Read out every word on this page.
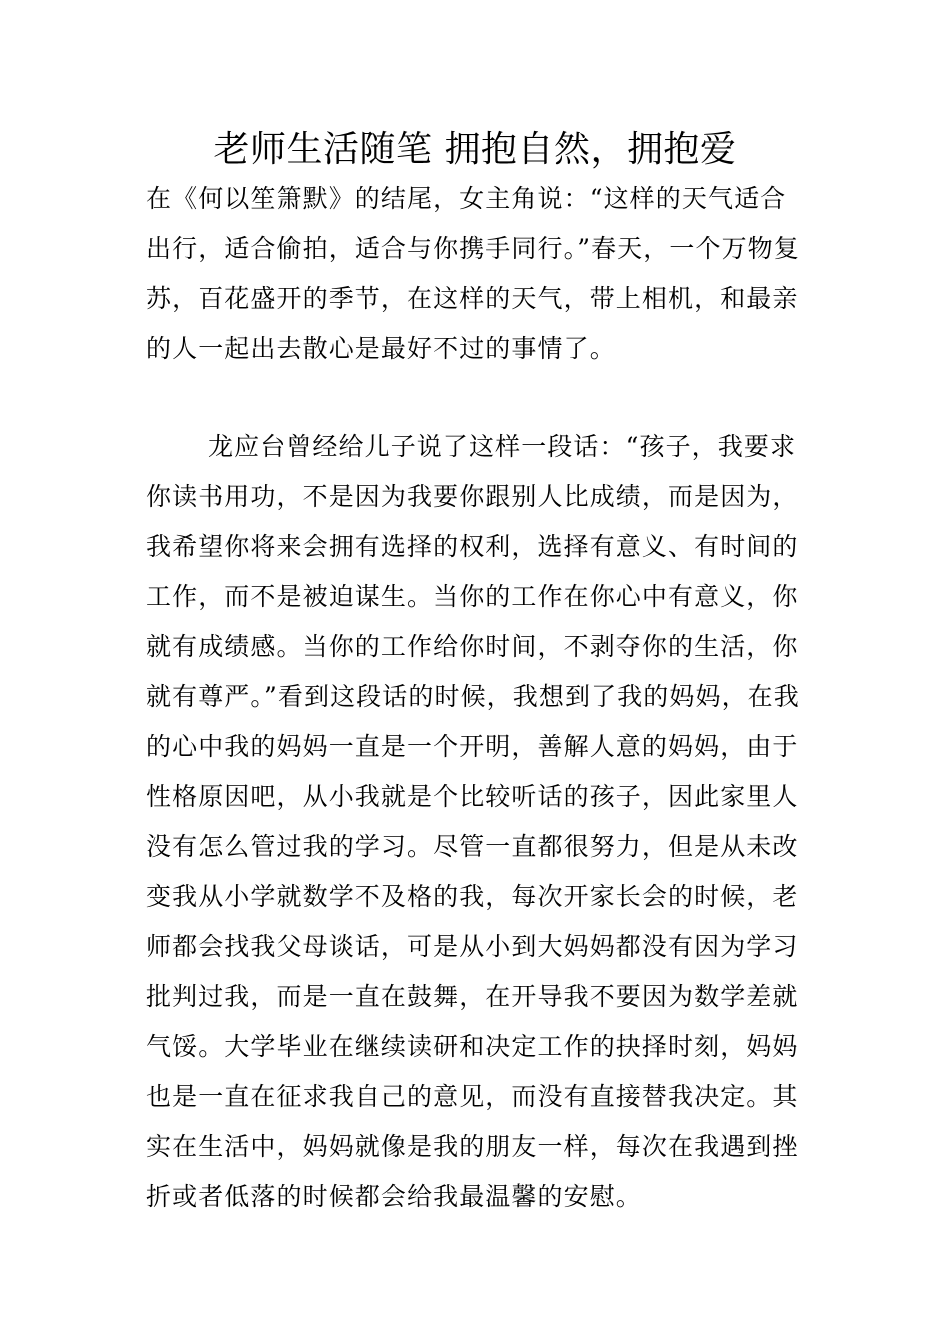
老师生活随笔 拥抱自然，拥抱爱

在《何以笙箫默》的结尾，女主角说：“这样的天气适合出行，适合偷拍，适合与你携手同行。”春天，一个万物复苏，百花盛开的季节，在这样的天气，带上相机，和最亲的人一起出去散心是最好不过的事情了。

龙应台曾经给儿子说了这样一段话：“孩子，我要求你读书用功，不是因为我要你跟别人比成绩，而是因为，我希望你将来会拥有选择的权利，选择有意义、有时间的工作，而不是被迫谋生。当你的工作在你心中有意义，你就有成绩感。当你的工作给你时间，不剥夺你的生活，你就有尊严。”看到这段话的时候，我想到了我的妈妈，在我的心中我的妈妈一直是一个开明，善解人意的妈妈，由于性格原因吧，从小我就是个比较听话的孩子，因此家里人没有怎么管过我的学习。尽管一直都很努力，但是从未改变我从小学就数学不及格的我，每次开家长会的时候，老师都会找我父母谈话，可是从小到大妈妈都没有因为学习批判过我，而是一直在鼓舞，在开导我不要因为数学差就气馁。大学毕业在继续读研和决定工作的抉择时刻，妈妈也是一直在征求我自己的意见，而没有直接替我决定。其实在生活中，妈妈就像是我的朋友一样，每次在我遇到挫折或者低落的时候都会给我最温馨的安慰。
